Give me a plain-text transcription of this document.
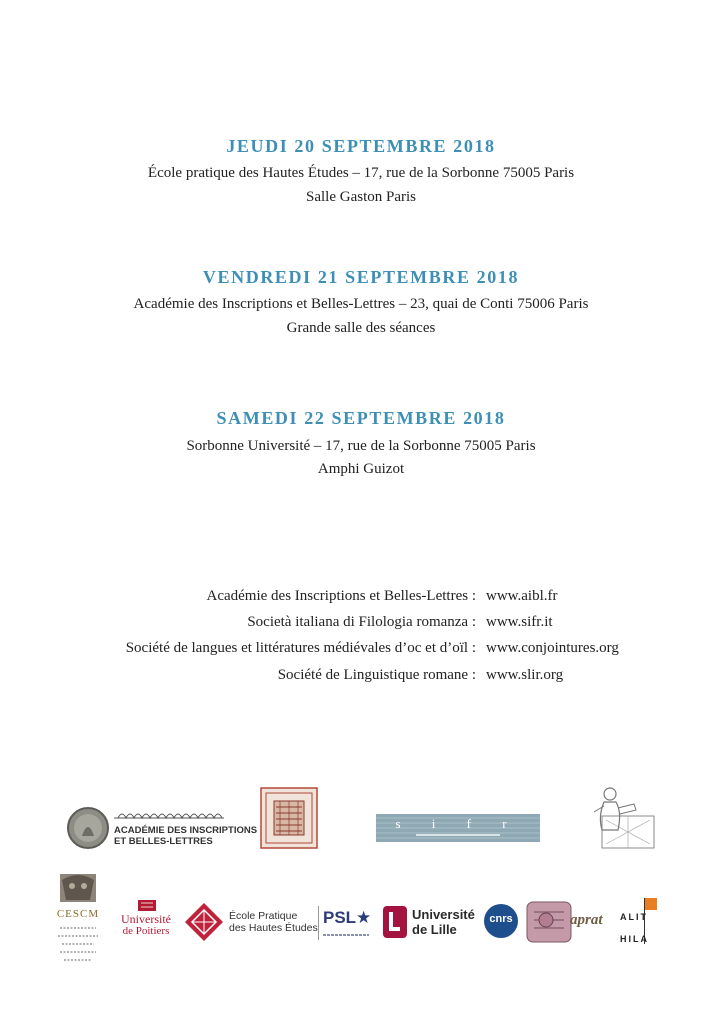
JEUDI 20 SEPTEMBRE 2018
École pratique des Hautes Études – 17, rue de la Sorbonne 75005 Paris
Salle Gaston Paris
VENDREDI 21 SEPTEMBRE 2018
Académie des Inscriptions et Belles-Lettres – 23, quai de Conti 75006 Paris
Grande salle des séances
SAMEDI 22 SEPTEMBRE 2018
Sorbonne Université – 17, rue de la Sorbonne 75005 Paris
Amphi Guizot
Académie des Inscriptions et Belles-Lettres : www.aibl.fr
Società italiana di Filologia romanza : www.sifr.it
Société de langues et littératures médiévales d’oc et d’oïl : www.conjointures.org
Société de Linguistique romane : www.slir.org
ACADÉMIE DES INSCRIPTIONS
ET BELLES-LETTRES
s i f r
CESCM	Université
de Poitiers
École Pratique
des Hautes Études
PSL★	Université
de Lille
cnrs	aprat ALIT
HILA
